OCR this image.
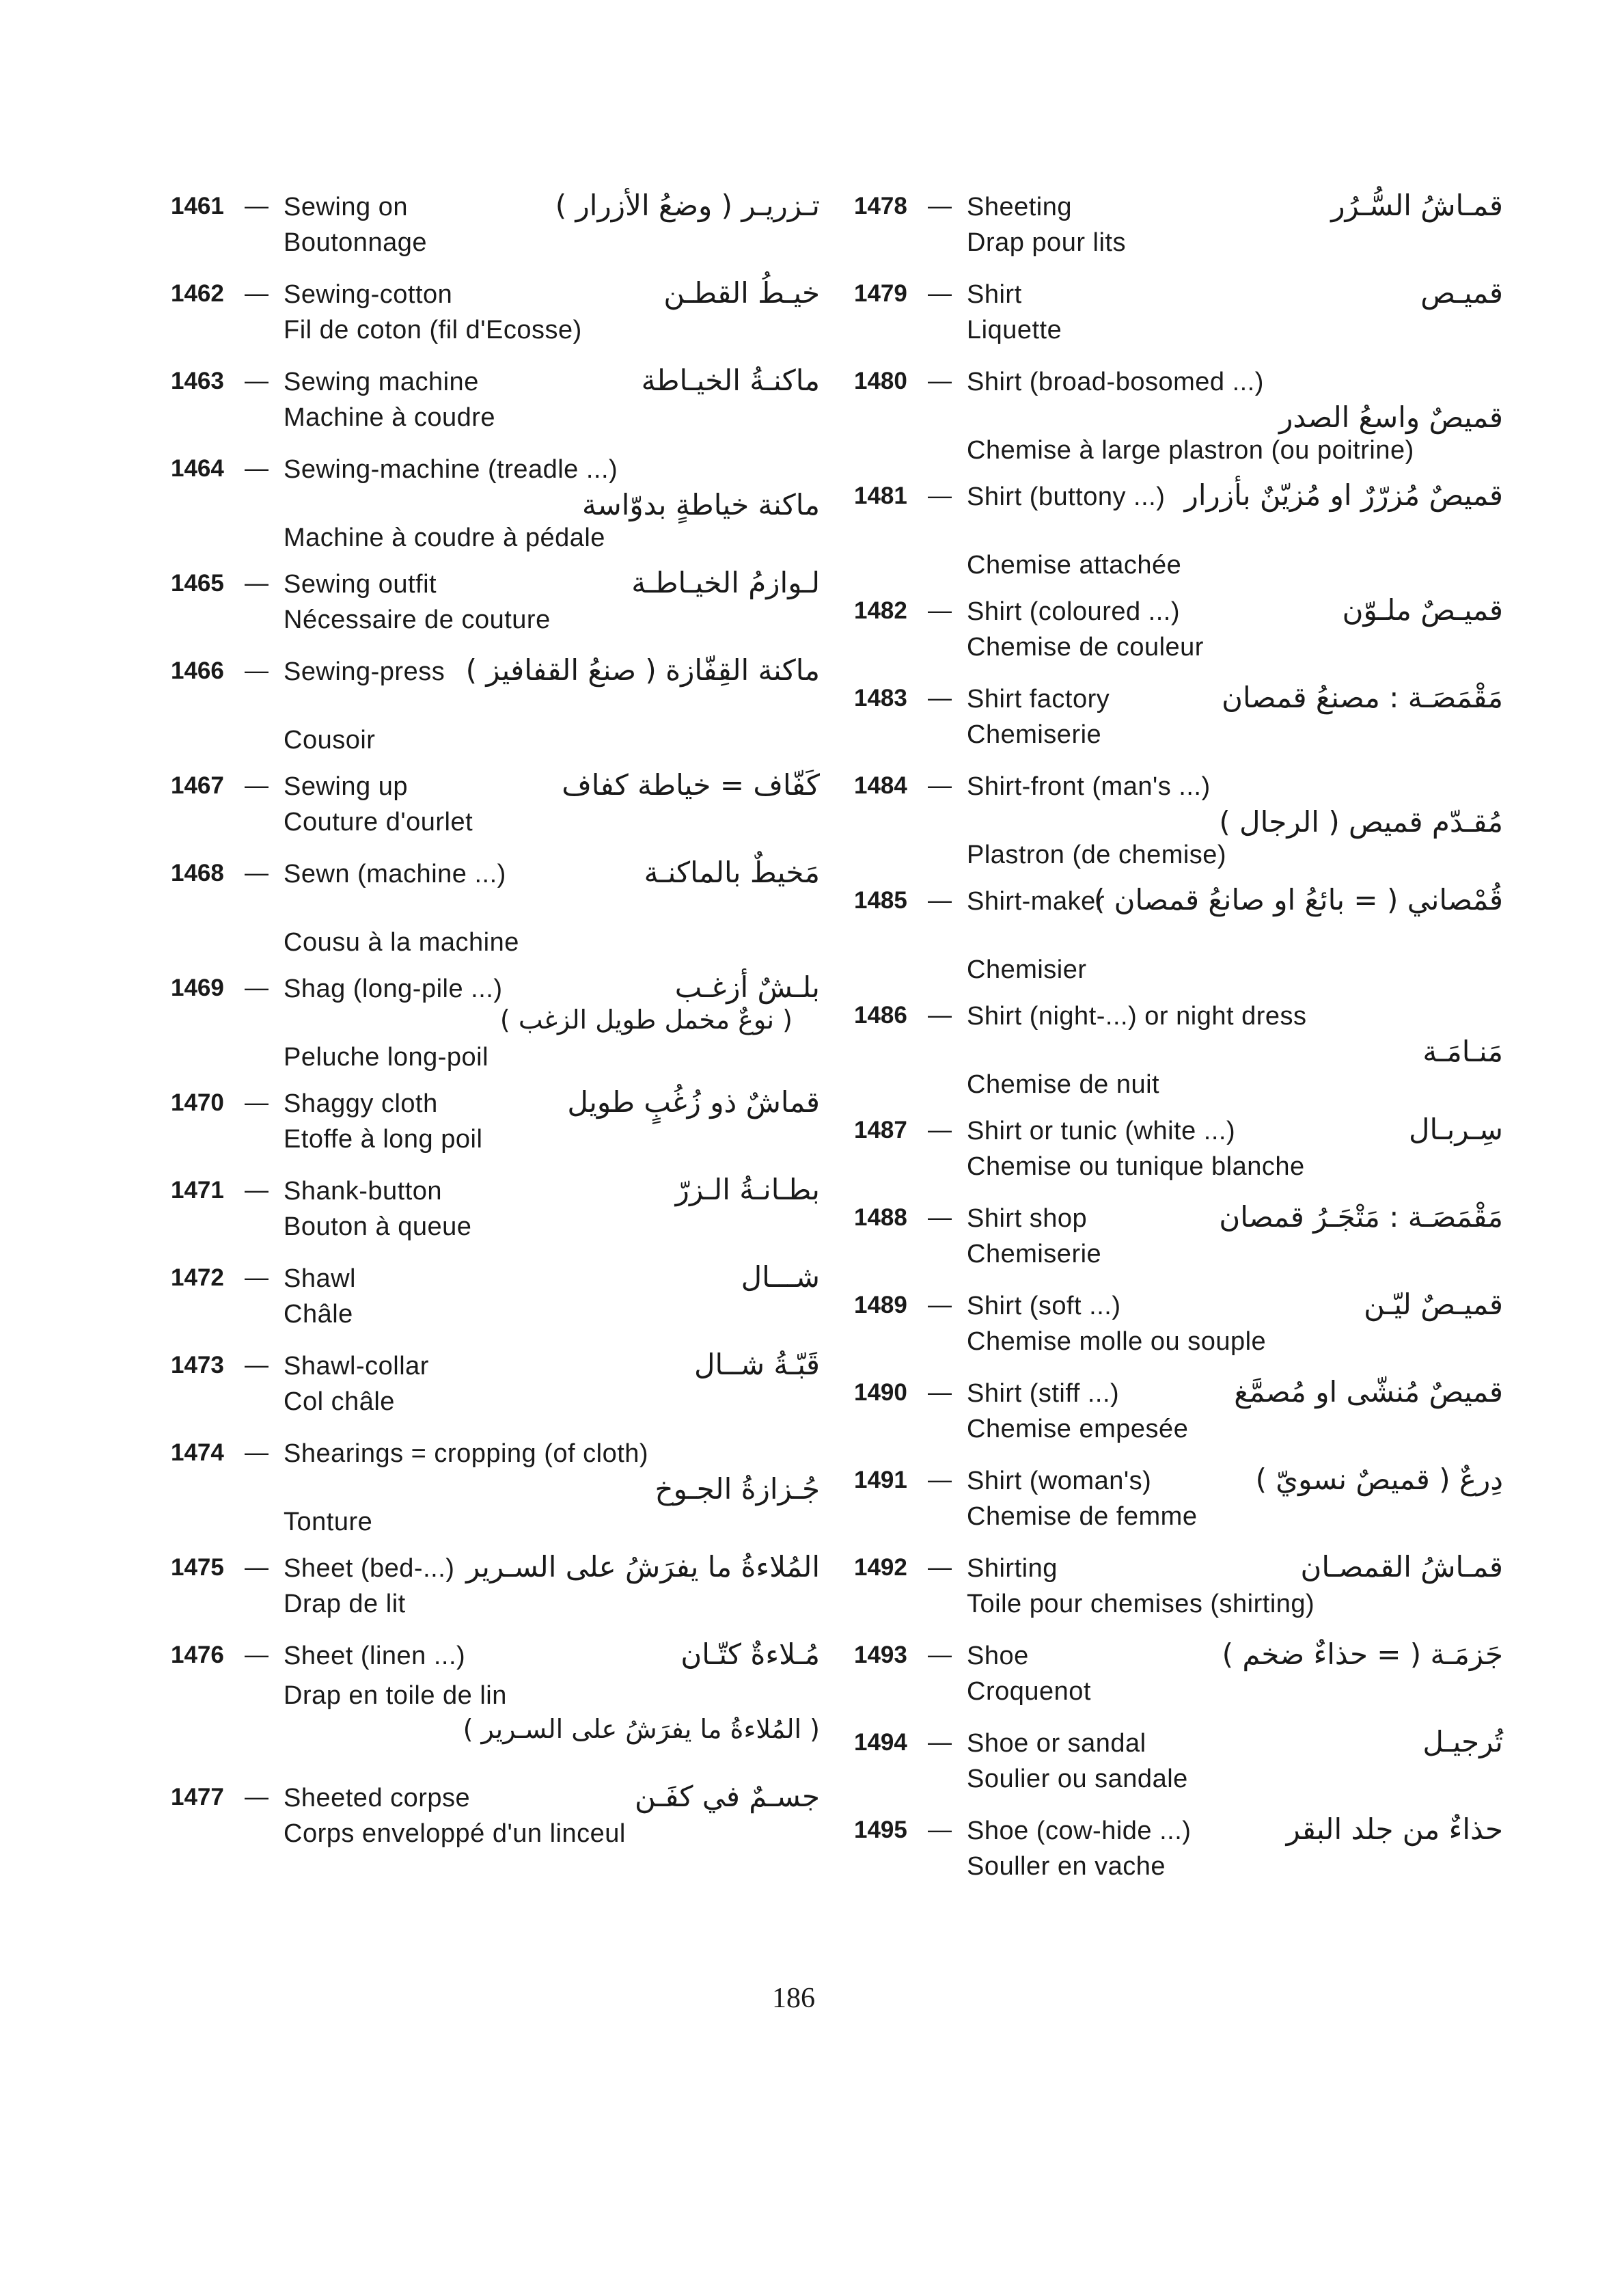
1461 — Sewing on	تـزريـر ( وضعُ الأزرار )
Boutonnage
1462 — Sewing-cotton	خيـطُ القطـن
Fil de coton (fil d'Ecosse)
1463 — Sewing machine	ماكنـةُ الخيـاطة
Machine à coudre
1464 — Sewing-machine (treadle ...)
ماكنة خياطةٍ بدوّاسة
Machine à coudre à pédale
1465 — Sewing outfit	لـوازمُ الخيـاطـة
Nécessaire de couture
1466 — Sewing-press ماكنة القِفّازة ( صنعُ القفافيز )
Cousoir
1467 — Sewing up	كَفّاف = خياطة كفاف
Couture d'ourlet
1468 — Sewn (machine ...)	مَخيطٌ بالماكنـة
Cousu à la machine
1469 — Shag (long-pile ...)	بلـشٌ أزغـب
( نوعٌ مخمل طويل الزغب )
Peluche long-poil
1470 — Shaggy cloth	قماشٌ ذو زُغُبٍ طويل
Etoffe à long poil
1471 — Shank-button	بطـانـةُ الـزرّ
Bouton à queue
1472 — Shawl	شـــال
Châle
1473 — Shawl-collar	قَبّـةُ شــال
Col châle
1474 — Shearings = cropping (of cloth)
جُـزازةُ الجـوخ
Tonture
1475 — Sheet (bed-...) المُلاءةُ ما يفرَشُ على السـرير
Drap de lit
1476 — Sheet (linen ...)	مُـلاءةٌ كتّـان
( المُلاءةُ ما يفرَشُ على السـرير )
Drap en toile de lin
1477 — Sheeted corpse	جسـمٌ في كفَـن
Corps enveloppé d'un linceul
1478 — Sheeting	قمـاشُ السُّـرُر
Drap pour lits
1479 — Shirt	قميـص
Liquette
1480 — Shirt (broad-bosomed ...)
قميصٌ واسعُ الصدر
Chemise à large plastron (ou poitrine)
1481 — Shirt (buttony ...) قميصٌ مُزرّرٌ او مُزيّنٌ بأزرار
Chemise attachée
1482 — Shirt (coloured ...)	قميـصٌ ملـوّن
Chemise de couleur
1483 — Shirt factory	مَقْمَصَـة : مصنعُ قمصان
Chemiserie
1484 — Shirt-front (man's ...)
مُقـدّم قميص ( الرجال )
Plastron (de chemise)
1485 — Shirt-maker
قُمْصاني ( = بائعُ او صانعُ قمصان )
Chemisier
1486 — Shirt (night-...) or night dress
مَنـامَـة
Chemise de nuit
1487 — Shirt or tunic (white ...)	سِـربـال
Chemise ou tunique blanche
1488 — Shirt shop	مَقْمَصَـة : مَتْجَـرُ قمصان
Chemiserie
1489 — Shirt (soft ...)	قميـصٌ ليّـن
Chemise molle ou souple
1490 — Shirt (stiff ...)	قميصٌ مُنشّى او مُصمَّغ
Chemise empesée
1491 — Shirt (woman's)	دِرعٌ ( قميصٌ نسويّ )
Chemise de femme
1492 — Shirting	قمـاشُ القمصـان
Toile pour chemises (shirting)
1493 — Shoe	جَزمَـة ( = حذاءٌ ضخم )
Croquenot
1494 — Shoe or sandal	تُرجيـل
Soulier ou sandale
1495 — Shoe (cow-hide ...)	حذاءٌ من جلد البقر
Souller en vache
186
